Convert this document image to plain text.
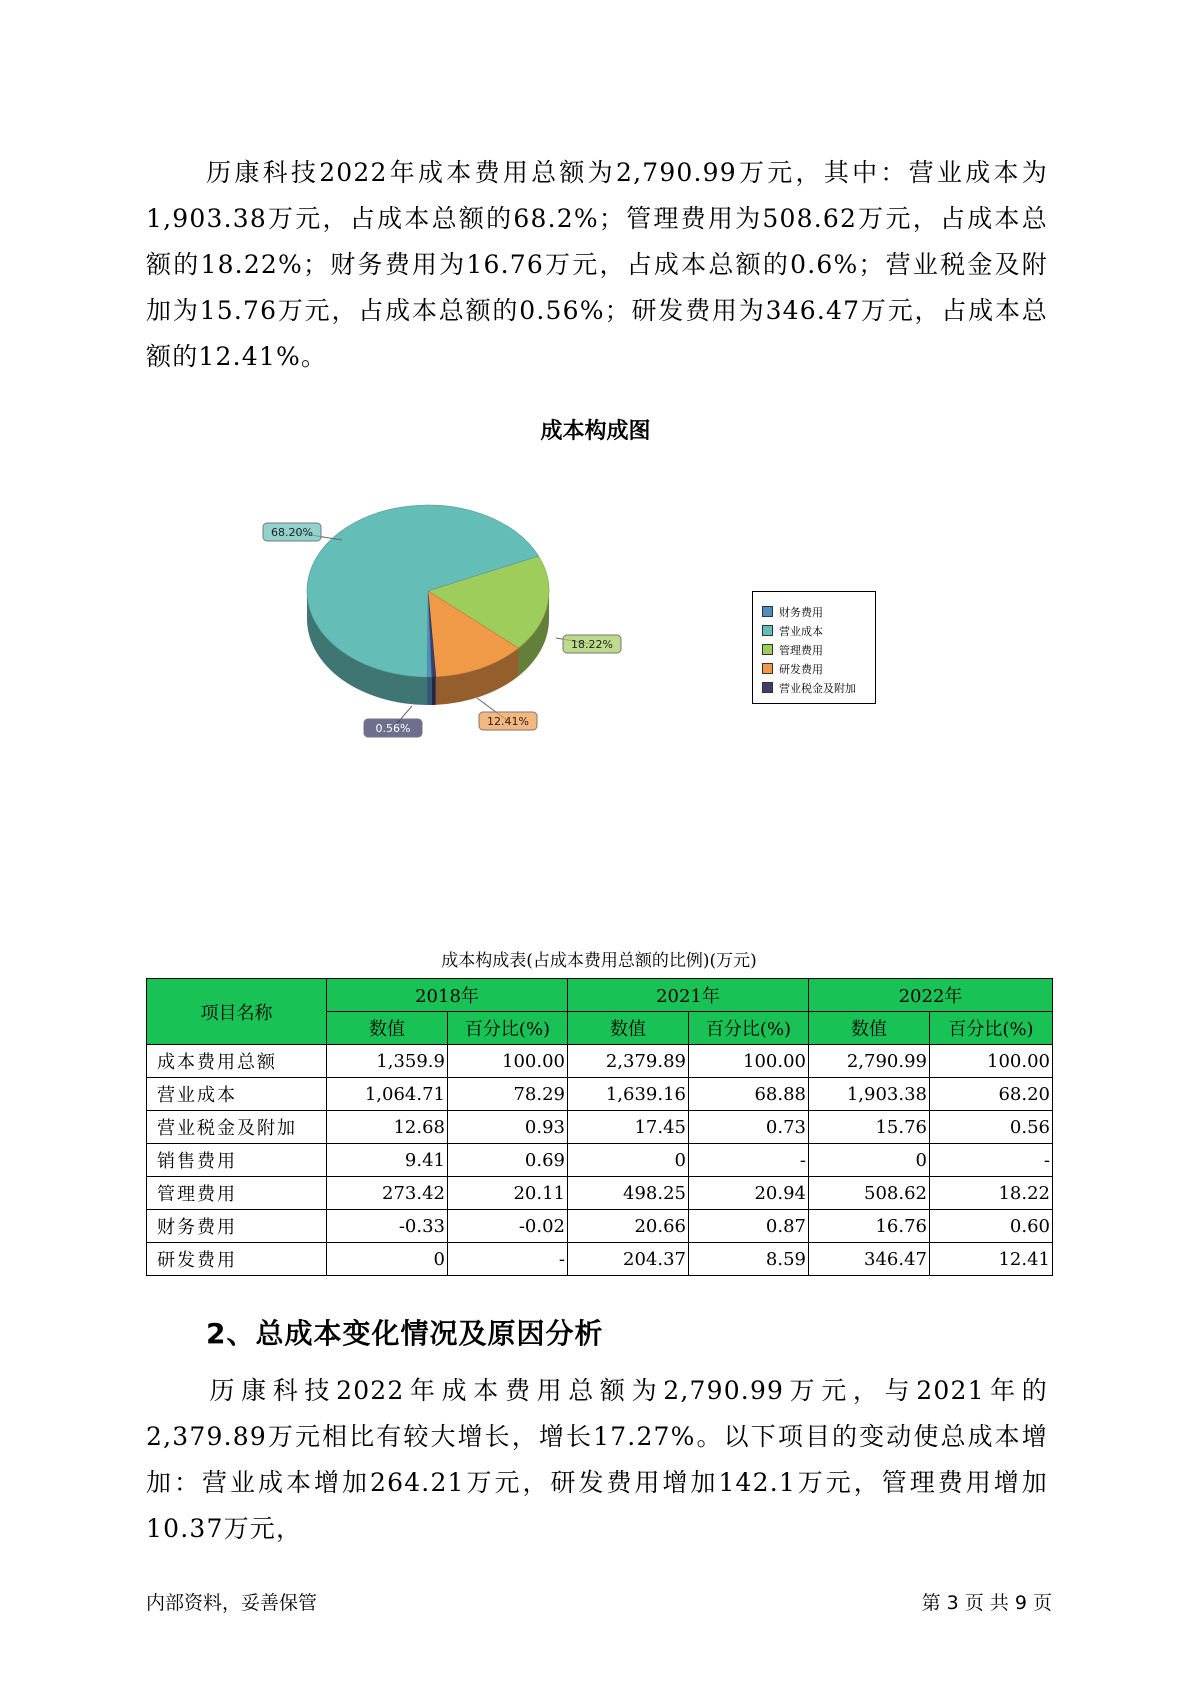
历康科技2022年成本费用总额为2,790.99万元，其中：营业成本为1,903.38万元，占成本总额的68.2%；管理费用为508.62万元，占成本总额的18.22%；财务费用为16.76万元，占成本总额的0.6%；营业税金及附加为15.76万元，占成本总额的0.56%；研发费用为346.47万元，占成本总额的12.41%。
成本构成图
68.20%
18.22%
12.41%
0.56%
财务费用
营业成本
管理费用
研发费用
营业税金及附加
成本构成表(占成本费用总额的比例)(万元)
项目名称	2018年		2021年		2022年	
	数值	百分比(%)	数值	百分比(%)	数值	百分比(%)
成本费用总额	1,359.9	100.00	2,379.89	100.00	2,790.99	100.00
营业成本	1,064.71	78.29	1,639.16	68.88	1,903.38	68.20
营业税金及附加	12.68	0.93	17.45	0.73	15.76	0.56
销售费用	9.41	0.69	0	-	0	-
管理费用	273.42	20.11	498.25	20.94	508.62	18.22
财务费用	-0.33	-0.02	20.66	0.87	16.76	0.60
研发费用	0	-	204.37	8.59	346.47	12.41
2、总成本变化情况及原因分析
历康科技2022年成本费用总额为2,790.99万元，与2021年的2,379.89万元相比有较大增长，增长17.27%。以下项目的变动使总成本增加：营业成本增加264.21万元，研发费用增加142.1万元，管理费用增加10.37万元，
内部资料，妥善保管	第 3 页 共 9 页
